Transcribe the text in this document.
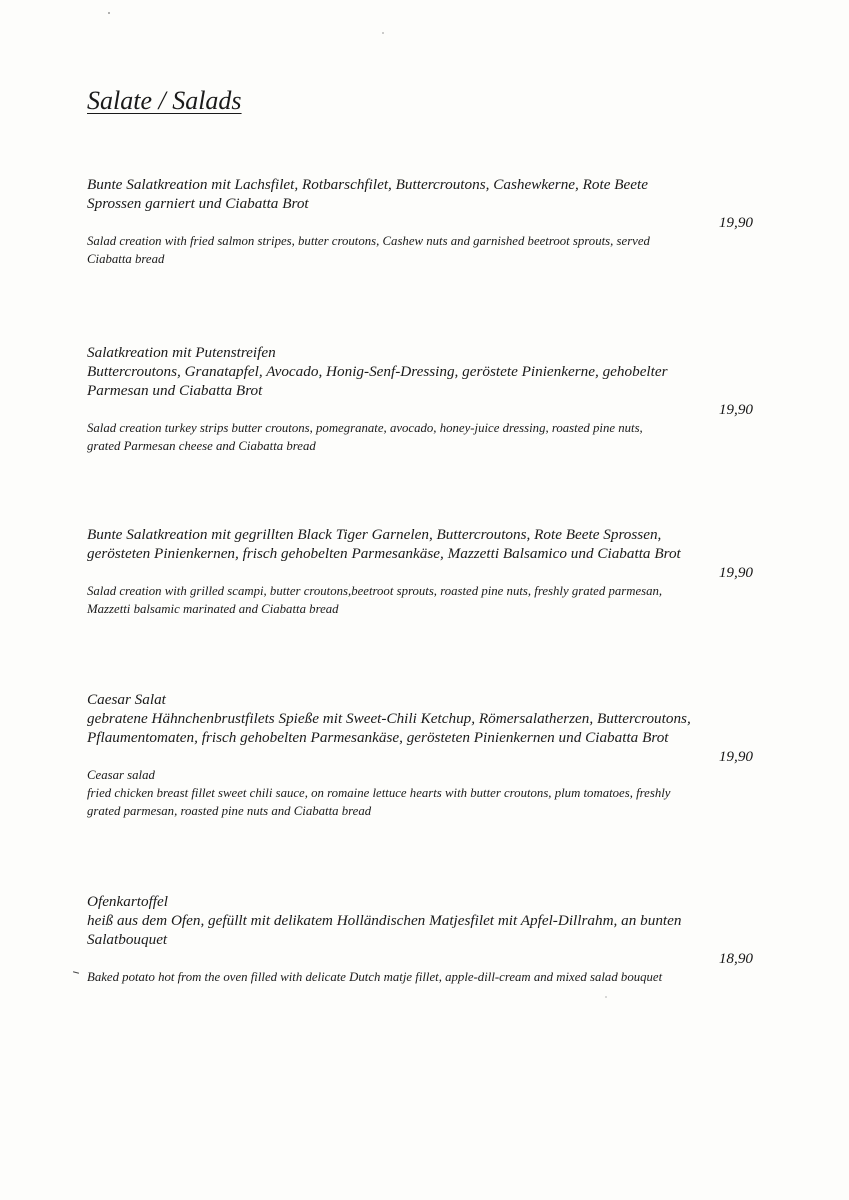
Salate / Salads
Bunte Salatkreation mit Lachsfilet, Rotbarschfilet, Buttercroutons, Cashewkerne, Rote Beete
Sprossen garniert und Ciabatta Brot
19,90
Salad creation with fried salmon stripes, butter croutons, Cashew nuts and garnished beetroot sprouts, served
Ciabatta bread
Salatkreation mit Putenstreifen
Buttercroutons, Granatapfel, Avocado, Honig-Senf-Dressing, geröstete Pinienkerne, gehobelter
Parmesan und Ciabatta Brot
19,90
Salad creation turkey strips butter croutons, pomegranate, avocado, honey-juice dressing, roasted pine nuts,
grated Parmesan cheese and Ciabatta bread
Bunte Salatkreation mit gegrillten Black Tiger Garnelen, Buttercroutons, Rote Beete Sprossen,
gerösteten Pinienkernen, frisch gehobelten Parmesankäse, Mazzetti Balsamico und Ciabatta Brot
19,90
Salad creation with grilled scampi, butter croutons,beetroot sprouts, roasted pine nuts, freshly grated parmesan,
Mazzetti balsamic marinated and Ciabatta bread
Caesar Salat
gebratene Hähnchenbrustfilets Spieße mit Sweet-Chili Ketchup, Römersalatherzen, Buttercroutons,
Pflaumentomaten, frisch gehobelten Parmesankäse, gerösteten Pinienkernen und Ciabatta Brot
19,90
Ceasar salad
fried chicken breast fillet sweet chili sauce, on romaine lettuce hearts with butter croutons, plum tomatoes, freshly
grated parmesan, roasted pine nuts and Ciabatta bread
Ofenkartoffel
heiß aus dem Ofen, gefüllt mit delikatem Holländischen Matjesfilet mit Apfel-Dillrahm, an bunten
Salatbouquet
18,90
Baked potato hot from the oven filled with delicate Dutch matje fillet, apple-dill-cream and mixed salad bouquet
